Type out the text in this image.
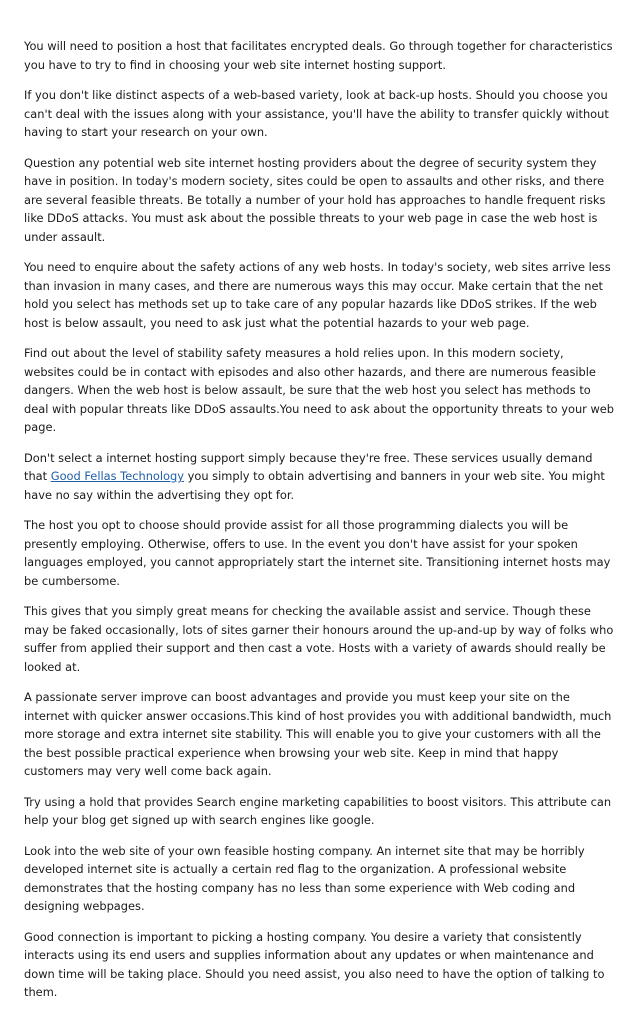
You will need to position a host that facilitates encrypted deals. Go through together for characteristics you have to try to find in choosing your web site internet hosting support.

If you don't like distinct aspects of a web-based variety, look at back-up hosts. Should you choose you can't deal with the issues along with your assistance, you'll have the ability to transfer quickly without having to start your research on your own.

Question any potential web site internet hosting providers about the degree of security system they have in position. In today's modern society, sites could be open to assaults and other risks, and there are several feasible threats. Be totally a number of your hold has approaches to handle frequent risks like DDoS attacks. You must ask about the possible threats to your web page in case the web host is under assault.

You need to enquire about the safety actions of any web hosts. In today's society, web sites arrive less than invasion in many cases, and there are numerous ways this may occur. Make certain that the net hold you select has methods set up to take care of any popular hazards like DDoS strikes. If the web host is below assault, you need to ask just what the potential hazards to your web page.

Find out about the level of stability safety measures a hold relies upon. In this modern society, websites could be in contact with episodes and also other hazards, and there are numerous feasible dangers. When the web host is below assault, be sure that the web host you select has methods to deal with popular threats like DDoS assaults.You need to ask about the opportunity threats to your web page.

Don't select a internet hosting support simply because they're free. These services usually demand that Good Fellas Technology you simply to obtain advertising and banners in your web site. You might have no say within the advertising they opt for.

The host you opt to choose should provide assist for all those programming dialects you will be presently employing. Otherwise, offers to use. In the event you don't have assist for your spoken languages employed, you cannot appropriately start the internet site. Transitioning internet hosts may be cumbersome.

This gives that you simply great means for checking the available assist and service. Though these may be faked occasionally, lots of sites garner their honours around the up-and-up by way of folks who suffer from applied their support and then cast a vote. Hosts with a variety of awards should really be looked at.

A passionate server improve can boost advantages and provide you must keep your site on the internet with quicker answer occasions.This kind of host provides you with additional bandwidth, much more storage and extra internet site stability. This will enable you to give your customers with all the the best possible practical experience when browsing your web site. Keep in mind that happy customers may very well come back again.

Try using a hold that provides Search engine marketing capabilities to boost visitors. This attribute can help your blog get signed up with search engines like google.

Look into the web site of your own feasible hosting company. An internet site that may be horribly developed internet site is actually a certain red flag to the organization. A professional website demonstrates that the hosting company has no less than some experience with Web coding and designing webpages.

Good connection is important to picking a hosting company. You desire a variety that consistently interacts using its end users and supplies information about any updates or when maintenance and down time will be taking place. Should you need assist, you also need to have the option of talking to them.
